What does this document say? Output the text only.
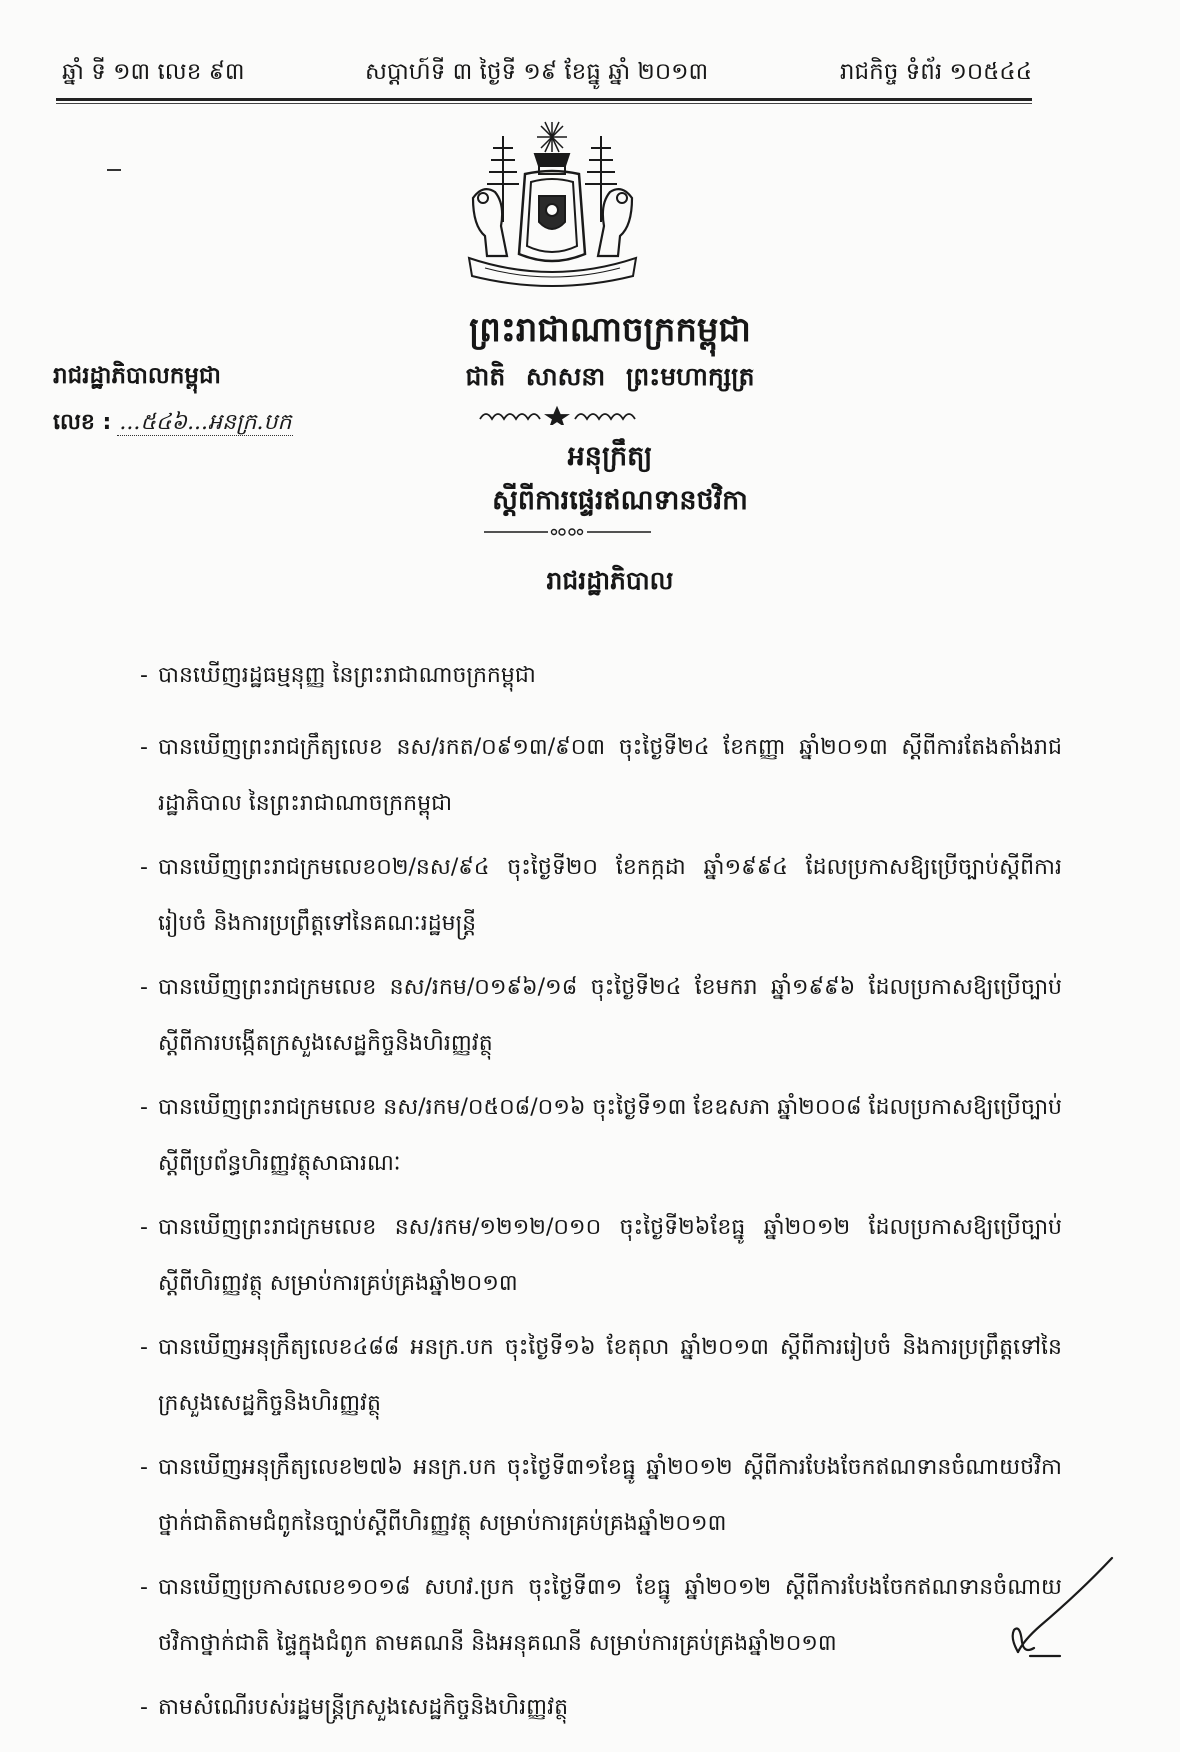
ឆ្នាំ ទី ១៣ លេខ ៩៣	សប្តាហ៍ទី ៣ ថ្ងៃទី ១៩ ខែធ្នូ ឆ្នាំ ២០១៣	រាជកិច្ច ទំព័រ ១០៥៤៤
រាជរដ្ឋាភិបាលកម្ពុជា
លេខ : ...៥៤៦...អនក្រ.បក
ព្រះរាជាណាចក្រកម្ពុជា
ជាតិ សាសនា ព្រះមហាក្សត្រ
អនុក្រឹត្យ
ស្តីពីការផ្ទេរឥណទានថវិកា
រាជរដ្ឋាភិបាល
- បានឃើញរដ្ឋធម្មនុញ្ញ នៃព្រះរាជាណាចក្រកម្ពុជា
- បានឃើញព្រះរាជក្រឹត្យលេខ នស/រកត/០៩១៣/៩០៣ ចុះថ្ងៃទី២៤ ខែកញ្ញា ឆ្នាំ២០១៣ ស្តីពីការតែងតាំងរាជរដ្ឋាភិបាល នៃព្រះរាជាណាចក្រកម្ពុជា
- បានឃើញព្រះរាជក្រមលេខ០២/នស/៩៤ ចុះថ្ងៃទី២០ ខែកក្កដា ឆ្នាំ១៩៩៤ ដែលប្រកាសឱ្យប្រើច្បាប់ស្តីពីការរៀបចំ និងការប្រព្រឹត្តទៅនៃគណៈរដ្ឋមន្ត្រី
- បានឃើញព្រះរាជក្រមលេខ នស/រកម/០១៩៦/១៨ ចុះថ្ងៃទី២៤ ខែមករា ឆ្នាំ១៩៩៦ ដែលប្រកាសឱ្យប្រើច្បាប់ស្តីពីការបង្កើតក្រសួងសេដ្ឋកិច្ចនិងហិរញ្ញវត្ថុ
- បានឃើញព្រះរាជក្រមលេខ នស/រកម/០៥០៨/០១៦ ចុះថ្ងៃទី១៣ ខែឧសភា ឆ្នាំ២០០៨ ដែលប្រកាសឱ្យប្រើច្បាប់ស្តីពីប្រព័ន្ធហិរញ្ញវត្ថុសាធារណៈ
- បានឃើញព្រះរាជក្រមលេខ នស/រកម/១២១២/០១០ ចុះថ្ងៃទី២៦ខែធ្នូ ឆ្នាំ២០១២ ដែលប្រកាសឱ្យប្រើច្បាប់ស្តីពីហិរញ្ញវត្ថុ សម្រាប់ការគ្រប់គ្រងឆ្នាំ២០១៣
- បានឃើញអនុក្រឹត្យលេខ៤៨៨ អនក្រ.បក ចុះថ្ងៃទី១៦ ខែតុលា ឆ្នាំ២០១៣ ស្តីពីការរៀបចំ និងការប្រព្រឹត្តទៅនៃក្រសួងសេដ្ឋកិច្ចនិងហិរញ្ញវត្ថុ
- បានឃើញអនុក្រឹត្យលេខ២៧៦ អនក្រ.បក ចុះថ្ងៃទី៣១ខែធ្នូ ឆ្នាំ២០១២ ស្តីពីការបែងចែកឥណទានចំណាយថវិកាថ្នាក់ជាតិតាមជំពូកនៃច្បាប់ស្តីពីហិរញ្ញវត្ថុ សម្រាប់ការគ្រប់គ្រងឆ្នាំ២០១៣
- បានឃើញប្រកាសលេខ១០១៨ សហវ.ប្រក ចុះថ្ងៃទី៣១ ខែធ្នូ ឆ្នាំ២០១២ ស្តីពីការបែងចែកឥណទានចំណាយថវិកាថ្នាក់ជាតិ ផ្ទៃក្នុងជំពូក តាមគណនី និងអនុគណនី សម្រាប់ការគ្រប់គ្រងឆ្នាំ២០១៣
- តាមសំណើរបស់រដ្ឋមន្ត្រីក្រសួងសេដ្ឋកិច្ចនិងហិរញ្ញវត្ថុ
